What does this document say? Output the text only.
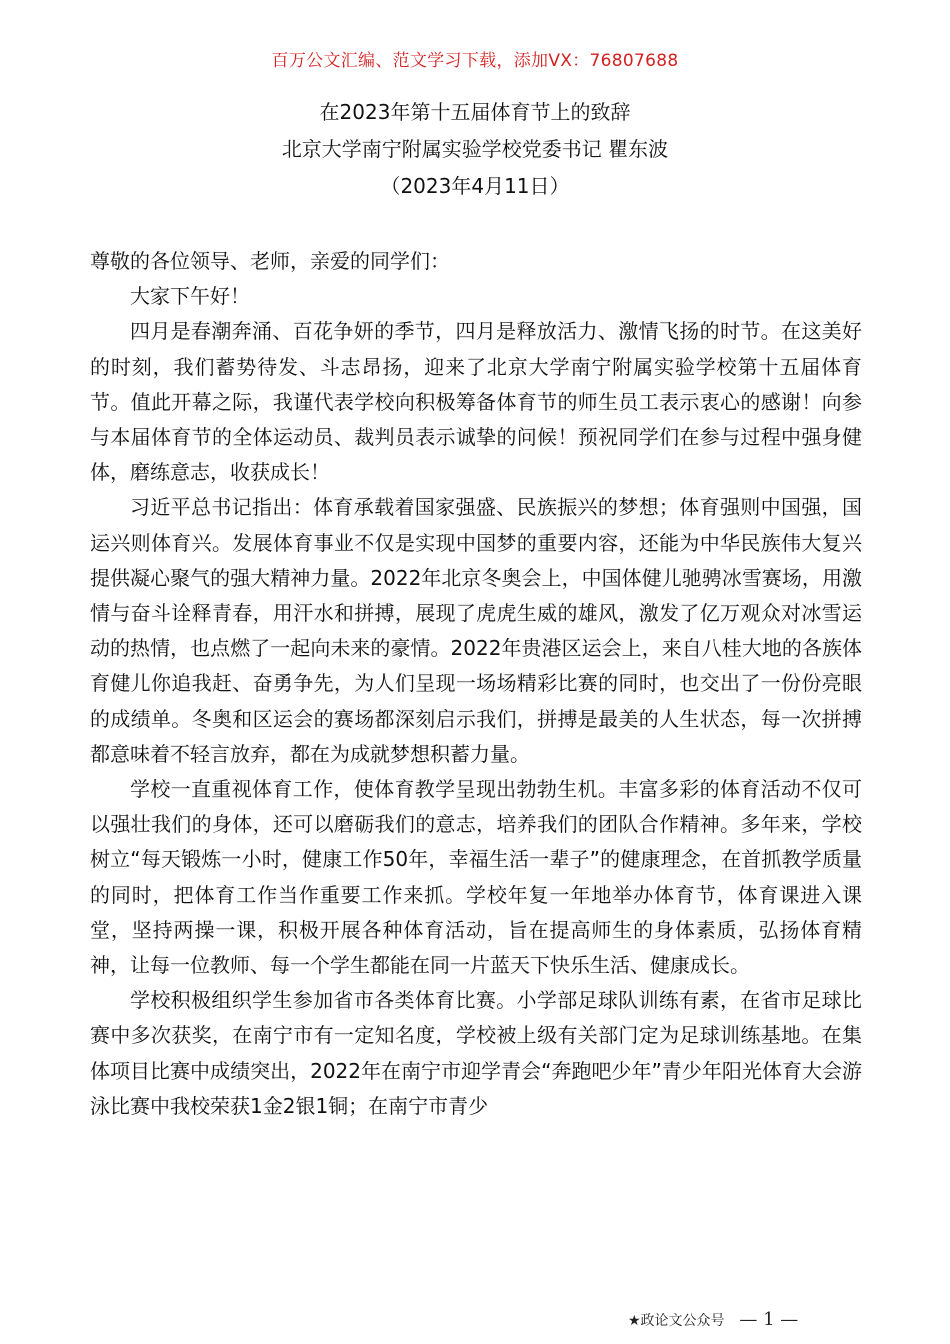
百万公文汇编、范文学习下载，添加VX：76807688
在2023年第十五届体育节上的致辞
北京大学南宁附属实验学校党委书记 瞿东波
（2023年4月11日）

尊敬的各位领导、老师，亲爱的同学们：

大家下午好！

四月是春潮奔涌、百花争妍的季节，四月是释放活力、激情飞扬的时节。在这美好的时刻，我们蓄势待发、斗志昂扬，迎来了北京大学南宁附属实验学校第十五届体育节。值此开幕之际，我谨代表学校向积极筹备体育节的师生员工表示衷心的感谢！向参与本届体育节的全体运动员、裁判员表示诚挚的问候！预祝同学们在参与过程中强身健体，磨练意志，收获成长！

习近平总书记指出：体育承载着国家强盛、民族振兴的梦想；体育强则中国强，国运兴则体育兴。发展体育事业不仅是实现中国梦的重要内容，还能为中华民族伟大复兴提供凝心聚气的强大精神力量。2022年北京冬奥会上，中国体健儿驰骋冰雪赛场，用激情与奋斗诠释青春，用汗水和拼搏，展现了虎虎生威的雄风，激发了亿万观众对冰雪运动的热情，也点燃了一起向未来的豪情。2022年贵港区运会上，来自八桂大地的各族体育健儿你追我赶、奋勇争先，为人们呈现一场场精彩比赛的同时，也交出了一份份亮眼的成绩单。冬奥和区运会的赛场都深刻启示我们，拼搏是最美的人生状态，每一次拼搏都意味着不轻言放弃，都在为成就梦想积蓄力量。

学校一直重视体育工作，使体育教学呈现出勃勃生机。丰富多彩的体育活动不仅可以强壮我们的身体，还可以磨砺我们的意志，培养我们的团队合作精神。多年来，学校树立“每天锻炼一小时，健康工作50年，幸福生活一辈子”的健康理念，在首抓教学质量的同时，把体育工作当作重要工作来抓。学校年复一年地举办体育节，体育课进入课堂，坚持两操一课，积极开展各种体育活动，旨在提高师生的身体素质，弘扬体育精神，让每一位教师、每一个学生都能在同一片蓝天下快乐生活、健康成长。

学校积极组织学生参加省市各类体育比赛。小学部足球队训练有素，在省市足球比赛中多次获奖，在南宁市有一定知名度，学校被上级有关部门定为足球训练基地。在集体项目比赛中成绩突出，2022年在南宁市迎学青会“奔跑吧少年”青少年阳光体育大会游泳比赛中我校荣获1金2银1铜；在南宁市青少

★政论文公众号 — 1 —
